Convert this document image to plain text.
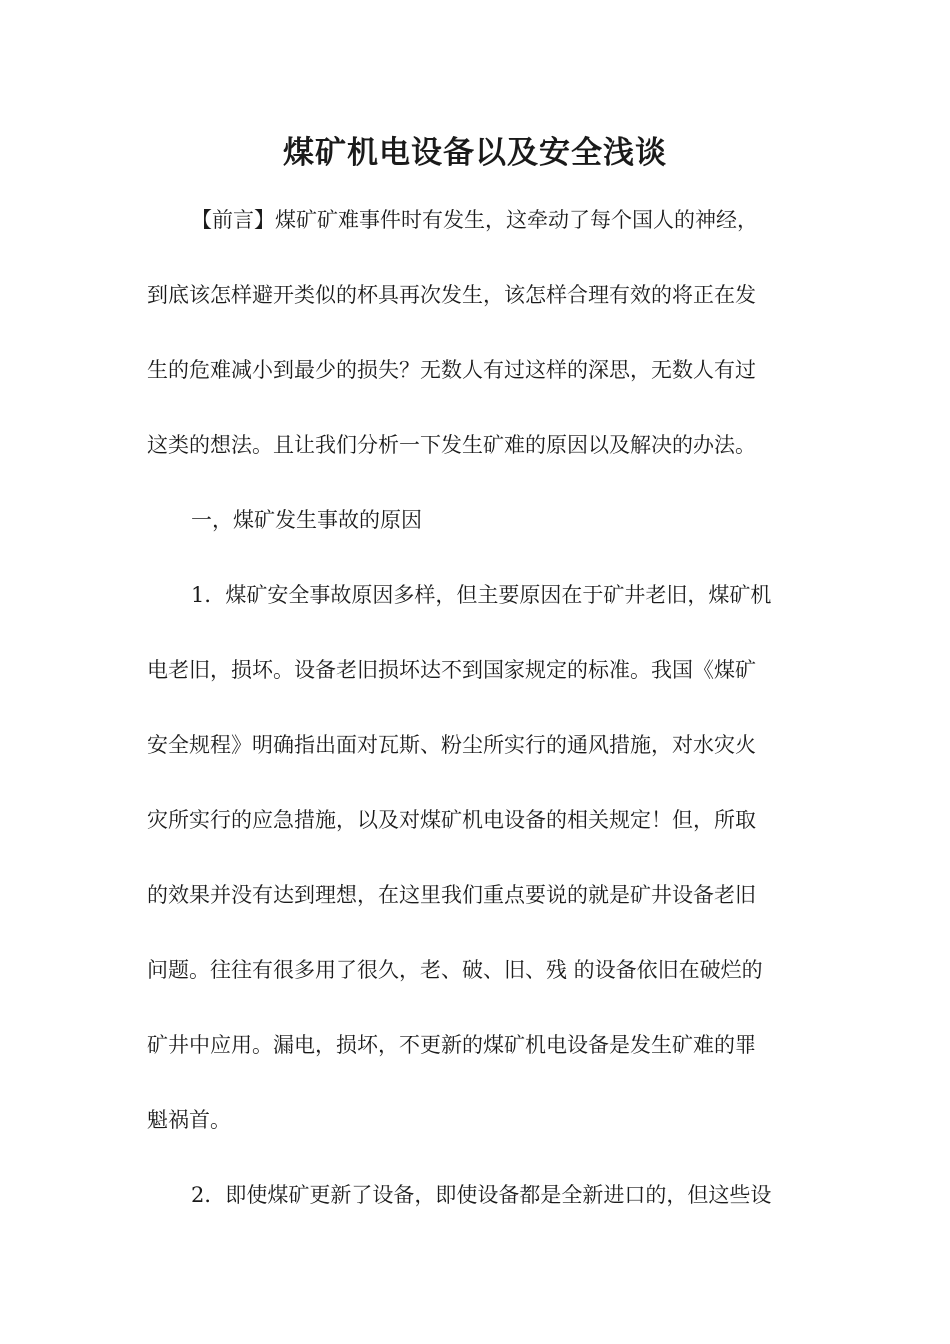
煤矿机电设备以及安全浅谈
【前言】煤矿矿难事件时有发生，这牵动了每个国人的神经，
到底该怎样避开类似的杯具再次发生，该怎样合理有效的将正在发
生的危难减小到最少的损失？无数人有过这样的深思，无数人有过
这类的想法。且让我们分析一下发生矿难的原因以及解决的办法。
一，煤矿发生事故的原因
1．煤矿安全事故原因多样，但主要原因在于矿井老旧，煤矿机
电老旧，损坏。设备老旧损坏达不到国家规定的标准。我国《煤矿
安全规程》明确指出面对瓦斯、粉尘所实行的通风措施，对水灾火
灾所实行的应急措施，以及对煤矿机电设备的相关规定！但，所取
的效果并没有达到理想，在这里我们重点要说的就是矿井设备老旧
问题。往往有很多用了很久，老、破、旧、残 的设备依旧在破烂的
矿井中应用。漏电，损坏，不更新的煤矿机电设备是发生矿难的罪
魁祸首。
2．即使煤矿更新了设备，即使设备都是全新进口的，但这些设
